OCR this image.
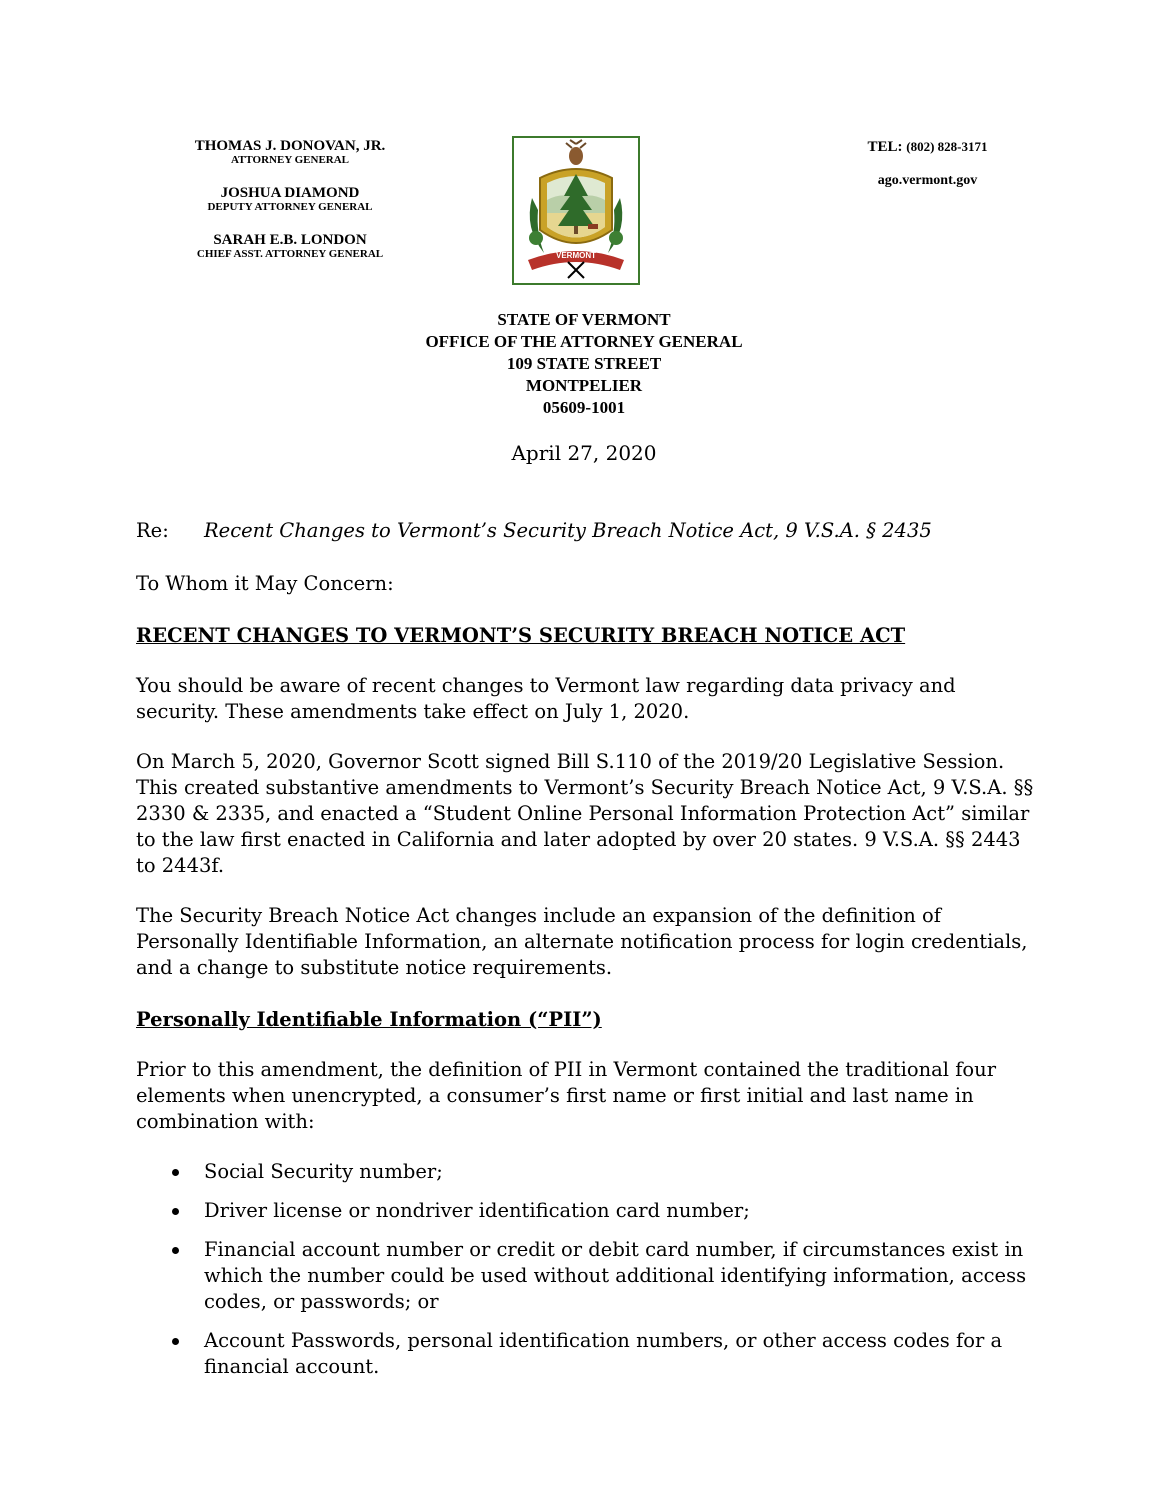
THOMAS J. DONOVAN, JR.
ATTORNEY GENERAL
JOSHUA DIAMOND
DEPUTY ATTORNEY GENERAL
SARAH E.B. LONDON
CHIEF ASST. ATTORNEY GENERAL	VERMONT
TEL: (802) 828-3171
ago.vermont.gov
STATE OF VERMONT
OFFICE OF THE ATTORNEY GENERAL
109 STATE STREET
MONTPELIER
05609-1001
April 27, 2020
Re:	Recent Changes to Vermont’s Security Breach Notice Act, 9 V.S.A. § 2435
To Whom it May Concern:
RECENT CHANGES TO VERMONT’S SECURITY BREACH NOTICE ACT

You should be aware of recent changes to Vermont law regarding data privacy and security. These amendments take effect on July 1, 2020.

On March 5, 2020, Governor Scott signed Bill S.110 of the 2019/20 Legislative Session. This created substantive amendments to Vermont’s Security Breach Notice Act, 9 V.S.A. §§ 2330 & 2335, and enacted a “Student Online Personal Information Protection Act” similar to the law first enacted in California and later adopted by over 20 states. 9 V.S.A. §§ 2443 to 2443f.

The Security Breach Notice Act changes include an expansion of the definition of Personally Identifiable Information, an alternate notification process for login credentials, and a change to substitute notice requirements.

Personally Identifiable Information (“PII”)

Prior to this amendment, the definition of PII in Vermont contained the traditional four elements when unencrypted, a consumer’s first name or first initial and last name in combination with:

Social Security number;
Driver license or nondriver identification card number;
Financial account number or credit or debit card number, if circumstances exist in which the number could be used without additional identifying information, access codes, or passwords; or
Account Passwords, personal identification numbers, or other access codes for a financial account.
